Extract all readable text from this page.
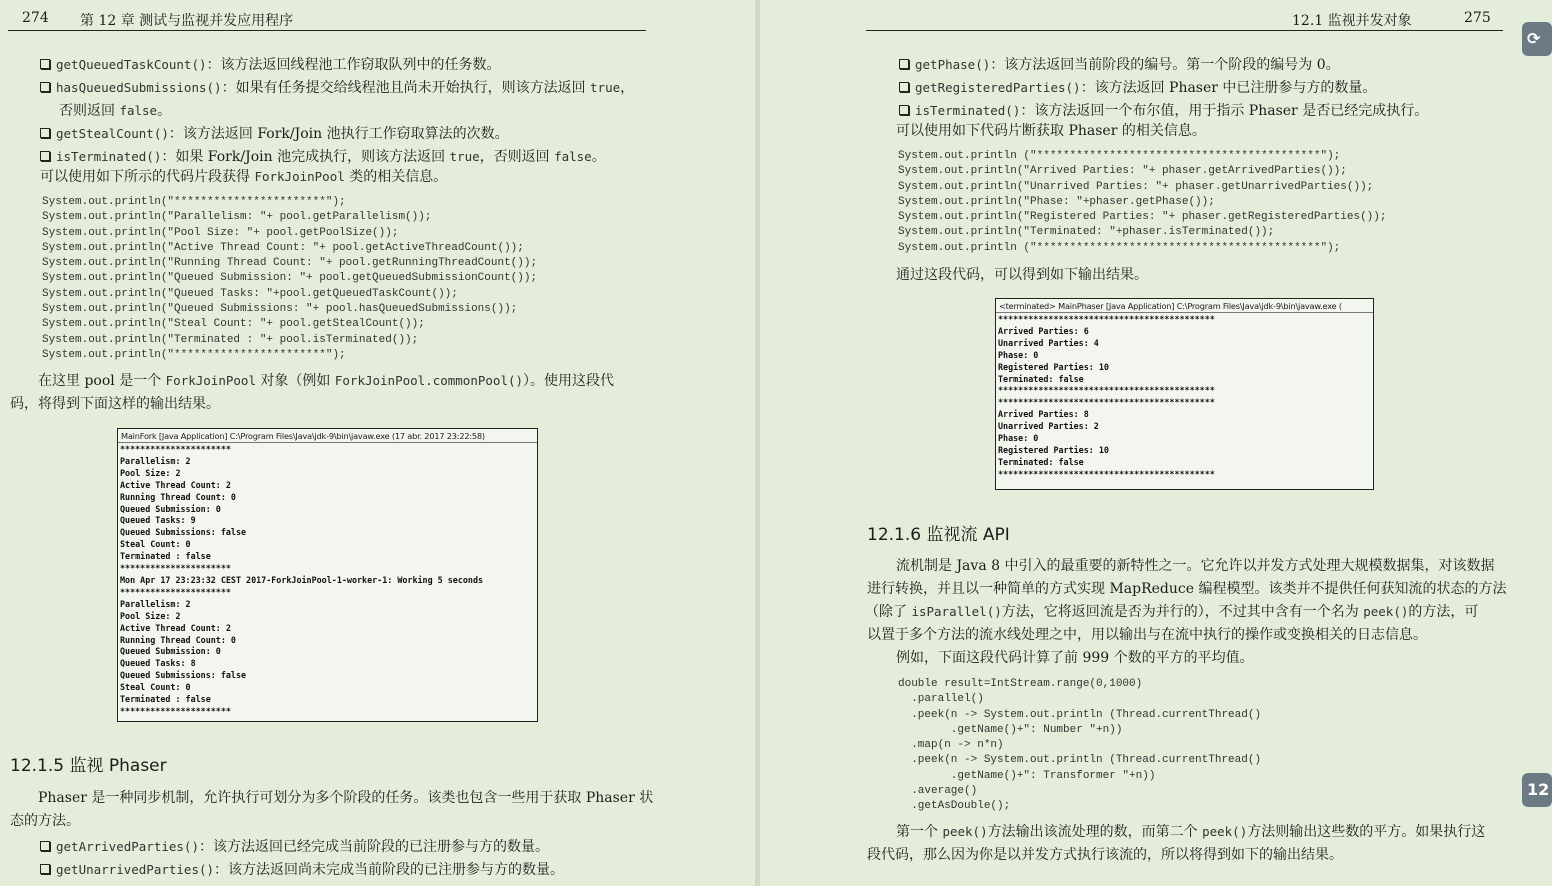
274 第 12 章 测试与监视并发应用程序
getQueuedTaskCount()：该方法返回线程池工作窃取队列中的任务数。
hasQueuedSubmissions()：如果有任务提交给线程池且尚未开始执行，则该方法返回 true，
否则返回 false。
getStealCount()：该方法返回 Fork/Join 池执行工作窃取算法的次数。
isTerminated()：如果 Fork/Join 池完成执行，则该方法返回 true，否则返回 false。
可以使用如下所示的代码片段获得 ForkJoinPool 类的相关信息。
System.out.println("***********************");
System.out.println("Parallelism: "+ pool.getParallelism());
System.out.println("Pool Size: "+ pool.getPoolSize());
System.out.println("Active Thread Count: "+ pool.getActiveThreadCount());
System.out.println("Running Thread Count: "+ pool.getRunningThreadCount());
System.out.println("Queued Submission: "+ pool.getQueuedSubmissionCount());
System.out.println("Queued Tasks: "+pool.getQueuedTaskCount());
System.out.println("Queued Submissions: "+ pool.hasQueuedSubmissions());
System.out.println("Steal Count: "+ pool.getStealCount());
System.out.println("Terminated : "+ pool.isTerminated());
System.out.println("***********************");
在这里 pool 是一个 ForkJoinPool 对象（例如 ForkJoinPool.commonPool()）。使用这段代
码，将得到下面这样的输出结果。
MainFork [Java Application] C:\Program Files\Java\jdk-9\bin\javaw.exe (17 abr. 2017 23:22:58)
**********************
Parallelism: 2
Pool Size: 2
Active Thread Count: 2
Running Thread Count: 0
Queued Submission: 0
Queued Tasks: 9
Queued Submissions: false
Steal Count: 0
Terminated : false
**********************
Mon Apr 17 23:23:32 CEST 2017-ForkJoinPool-1-worker-1: Working 5 seconds
**********************
Parallelism: 2
Pool Size: 2
Active Thread Count: 2
Running Thread Count: 0
Queued Submission: 0
Queued Tasks: 8
Queued Submissions: false
Steal Count: 0
Terminated : false
**********************
12.1.5 监视 Phaser
Phaser 是一种同步机制，允许执行可划分为多个阶段的任务。该类也包含一些用于获取 Phaser 状
态的方法。
getArrivedParties()：该方法返回已经完成当前阶段的已注册参与方的数量。
getUnarrivedParties()：该方法返回尚未完成当前阶段的已注册参与方的数量。
12.1 监视并发对象	275
getPhase()：该方法返回当前阶段的编号。第一个阶段的编号为 0。
getRegisteredParties()：该方法返回 Phaser 中已注册参与方的数量。
isTerminated()：该方法返回一个布尔值，用于指示 Phaser 是否已经完成执行。
可以使用如下代码片断获取 Phaser 的相关信息。
System.out.println ("*******************************************");
System.out.println("Arrived Parties: "+ phaser.getArrivedParties());
System.out.println("Unarrived Parties: "+ phaser.getUnarrivedParties());
System.out.println("Phase: "+phaser.getPhase());
System.out.println("Registered Parties: "+ phaser.getRegisteredParties());
System.out.println("Terminated: "+phaser.isTerminated());
System.out.println ("*******************************************");
通过这段代码，可以得到如下输出结果。
<terminated> MainPhaser [Java Application] C:\Program Files\Java\jdk-9\bin\javaw.exe (
*******************************************
Arrived Parties: 6
Unarrived Parties: 4
Phase: 0
Registered Parties: 10
Terminated: false
*******************************************
*******************************************
Arrived Parties: 8
Unarrived Parties: 2
Phase: 0
Registered Parties: 10
Terminated: false
*******************************************
12.1.6 监视流 API
流机制是 Java 8 中引入的最重要的新特性之一。它允许以并发方式处理大规模数据集，对该数据
进行转换，并且以一种简单的方式实现 MapReduce 编程模型。该类并不提供任何获知流的状态的方法
（除了 isParallel()方法，它将返回流是否为并行的），不过其中含有一个名为 peek()的方法，可
以置于多个方法的流水线处理之中，用以输出与在流中执行的操作或变换相关的日志信息。
例如，下面这段代码计算了前 999 个数的平方的平均值。
double result=IntStream.range(0,1000)
.parallel()
.peek(n -> System.out.println (Thread.currentThread()
.getName()+": Number "+n))
.map(n -> n*n)
.peek(n -> System.out.println (Thread.currentThread()
.getName()+": Transformer "+n))
.average()
.getAsDouble();
第一个 peek()方法输出该流处理的数，而第二个 peek()方法则输出这些数的平方。如果执行这
段代码，那么因为你是以并发方式执行该流的，所以将得到如下的输出结果。
⟳
12
